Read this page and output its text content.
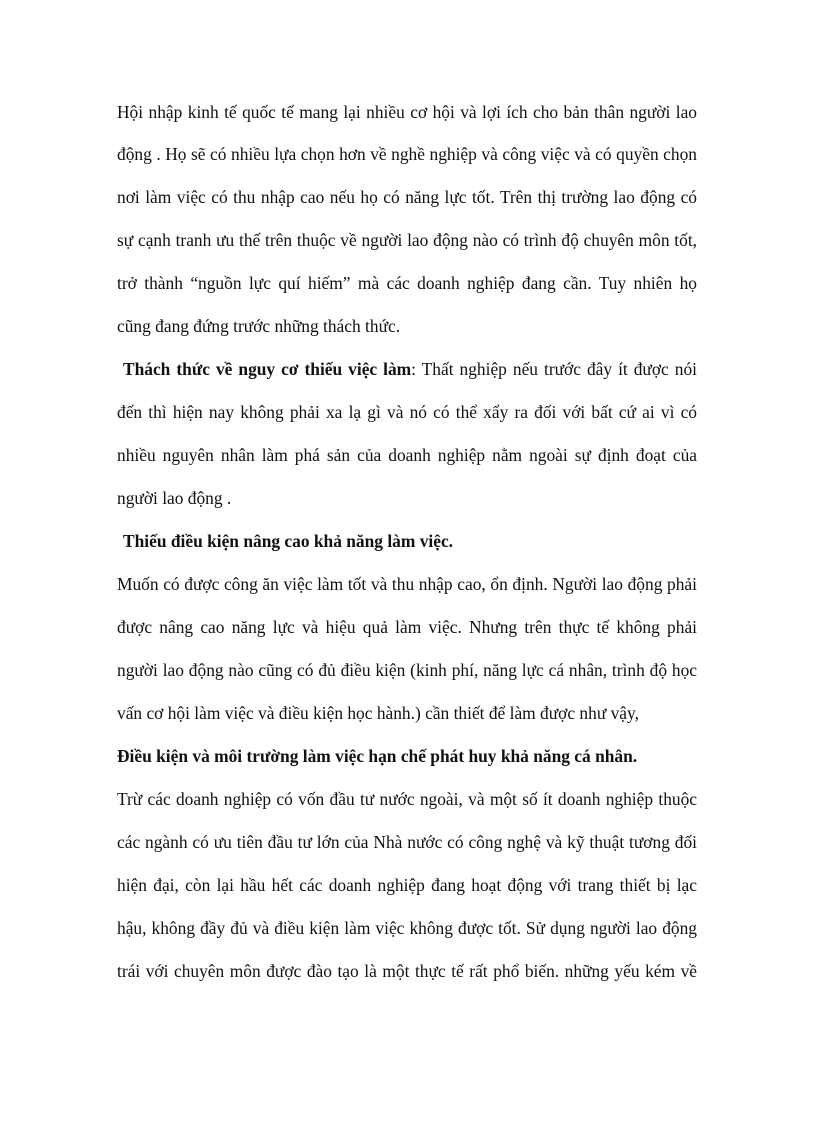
Hội nhập kinh tế quốc tế mang lại nhiều cơ hội và lợi ích cho bản thân người lao

động . Họ sẽ có nhiều lựa chọn hơn về nghề nghiệp và công việc và có quyền chọn

nơi làm việc có thu nhập cao nếu họ có năng lực tốt. Trên thị trường lao động có

sự cạnh tranh ưu thế trên thuộc về người lao động nào có trình độ chuyên môn tốt,

trở thành “nguồn lực quí hiếm” mà các doanh nghiệp đang cần. Tuy nhiên họ

cũng đang đứng trước những thách thức.

Thách thức về nguy cơ thiếu việc làm: Thất nghiệp nếu trước đây ít được nói

đến thì hiện nay không phải xa lạ gì và nó có thể xẩy ra đối với bất cứ ai vì có

nhiều nguyên nhân làm phá sản của doanh nghiệp nằm ngoài sự định đoạt của

người lao động .

Thiếu điều kiện nâng cao khả năng làm việc.

Muốn có được công ăn việc làm tốt và thu nhập cao, ổn định. Người lao động phải

được nâng cao năng lực và hiệu quả làm việc. Nhưng trên thực tế không phải

người lao động nào cũng có đủ điều kiện (kinh phí, năng lực cá nhân, trình độ học

vấn cơ hội làm việc và điều kiện học hành.) cần thiết để làm được như vậy,

Điều kiện và môi trường làm việc hạn chế phát huy khả năng cá nhân.

Trừ các doanh nghiệp có vốn đầu tư nước ngoài, và một số ít doanh nghiệp thuộc

các ngành có ưu tiên đầu tư lớn của Nhà nước có công nghệ và kỹ thuật tương đối

hiện đại, còn lại hầu hết các doanh nghiệp đang hoạt động với trang thiết bị lạc

hậu, không đầy đủ và điều kiện làm việc không được tốt. Sử dụng người lao động

trái với chuyên môn được đào tạo là một thực tế rất phổ biến. những yếu kém về
